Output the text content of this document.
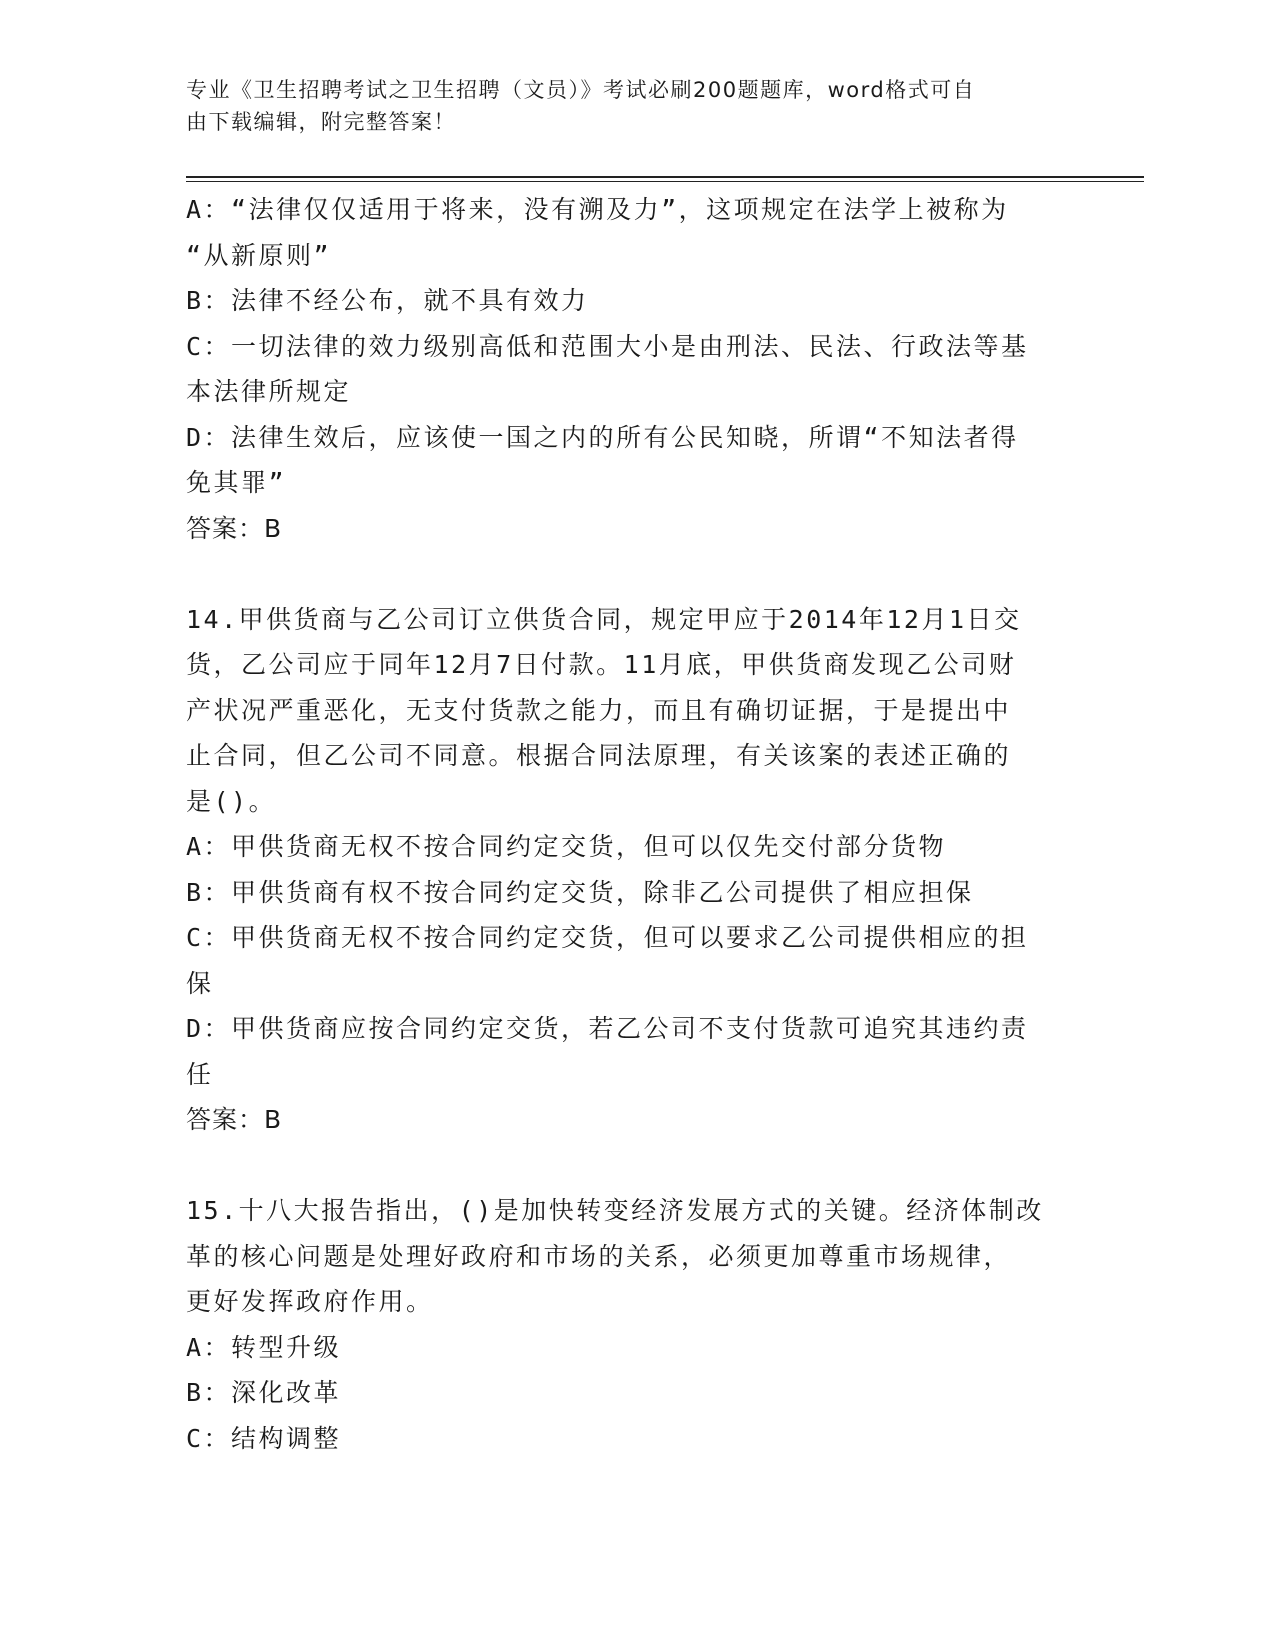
专业《卫生招聘考试之卫生招聘（文员）》考试必刷200题题库，word格式可自
由下载编辑，附完整答案！
A：“法律仅仅适用于将来，没有溯及力”，这项规定在法学上被称为
“从新原则”
B：法律不经公布，就不具有效力
C：一切法律的效力级别高低和范围大小是由刑法、民法、行政法等基
本法律所规定
D：法律生效后，应该使一国之内的所有公民知晓，所谓“不知法者得
免其罪”
答案：B
14.甲供货商与乙公司订立供货合同，规定甲应于2014年12月1日交
货，乙公司应于同年12月7日付款。11月底，甲供货商发现乙公司财
产状况严重恶化，无支付货款之能力，而且有确切证据，于是提出中
止合同，但乙公司不同意。根据合同法原理，有关该案的表述正确的
是()。
A：甲供货商无权不按合同约定交货，但可以仅先交付部分货物
B：甲供货商有权不按合同约定交货，除非乙公司提供了相应担保
C：甲供货商无权不按合同约定交货，但可以要求乙公司提供相应的担
保
D：甲供货商应按合同约定交货，若乙公司不支付货款可追究其违约责
任
答案：B
15.十八大报告指出，()是加快转变经济发展方式的关键。经济体制改
革的核心问题是处理好政府和市场的关系，必须更加尊重市场规律，
更好发挥政府作用。
A：转型升级
B：深化改革
C：结构调整
